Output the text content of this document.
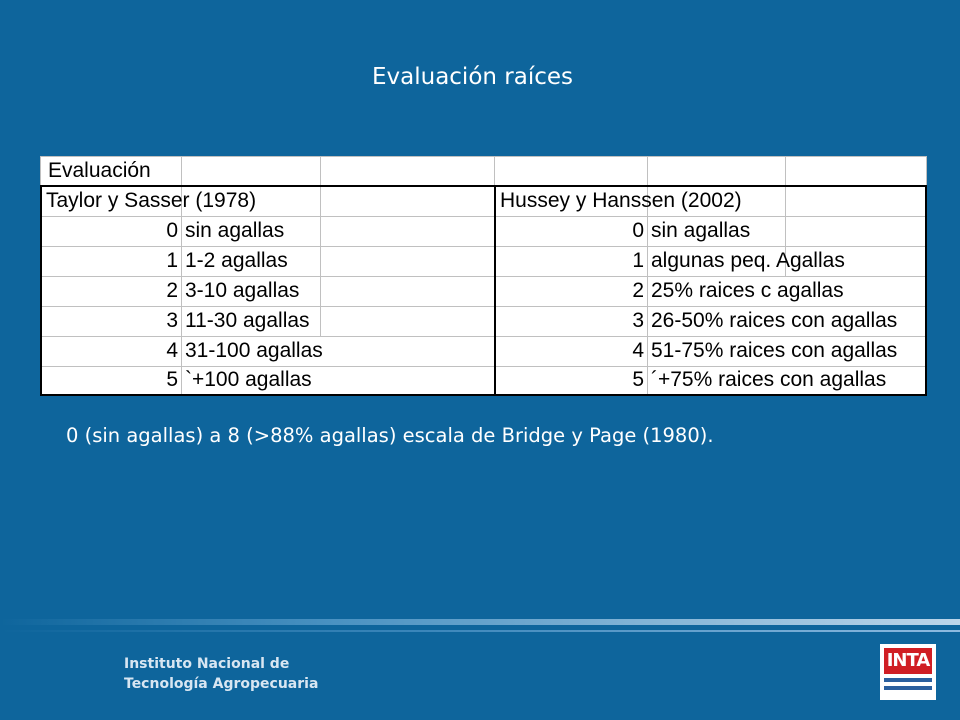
Evaluación raíces
Evaluación
Taylor y Sasser (1978)
0 sin agallas
1 1-2 agallas
2 3-10 agallas
3 11-30 agallas
4 31-100 agallas
5 `+100 agallas
Hussey y Hanssen (2002)
0 sin agallas
1 algunas peq. Agallas
2 25% raices c agallas
3 26-50% raices con agallas
4 51-75% raices con agallas
5 ´+75% raices con agallas
0 (sin agallas) a 8 (>88% agallas) escala de Bridge y Page (1980).
Instituto Nacional de
Tecnología Agropecuaria
INTA
